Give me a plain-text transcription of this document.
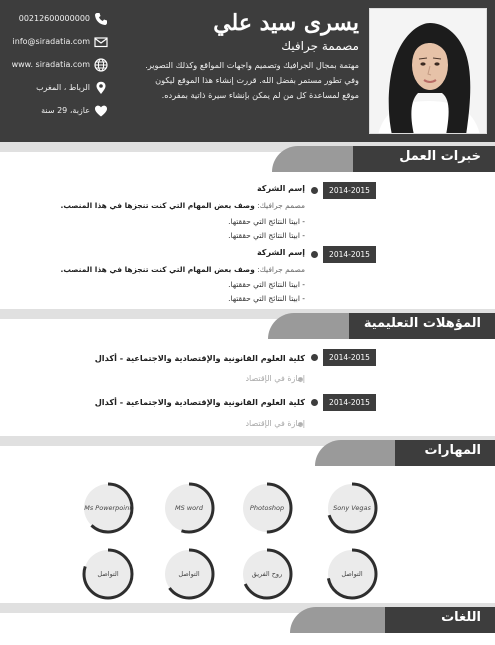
يسرى سيد علي
مصممة جرافيك
مهتمة بمجال الجرافيك وتصميم واجهات المواقع وكذلك التصوير. وفي تطور مستمر بفضل الله. قررت إنشاء هذا الموقع ليكون موقع لمساعدة كل من لم يمكن بإنشاء سيرة ذاتية بمفرده.
00212600000000
info@siradatia.com
www. siradatia.com
الرباط ، المغرب
عازبة، 29 سنة
خبرات العمل
2014-2015
إسم الشركة
مصمم جرافيك: وصف بعض المهام التي كنت تنجزها في هذا المنصب.
- ابيتا النتائج التي حققتها.
- ابيتا النتائج التي حققتها.
2014-2015
إسم الشركة
مصمم جرافيك: وصف بعض المهام التي كنت تنجزها في هذا المنصب.
- ابيتا النتائج التي حققتها.
- ابيتا النتائج التي حققتها.
المؤهلات التعليمية
2014-2015
كلية العلوم القانونية والإقتصادية والاجتماعية - أكدال
إجازة في الإقتصاد
2014-2015
كلية العلوم القانونية والإقتصادية والاجتماعية - أكدال
إجازة في الإقتصاد
المهارات
Ms Powerpoint	MS word	Photoshop	Sony Vegas
التواصل	التواصل	روح الفريق	التواصل
اللغات
